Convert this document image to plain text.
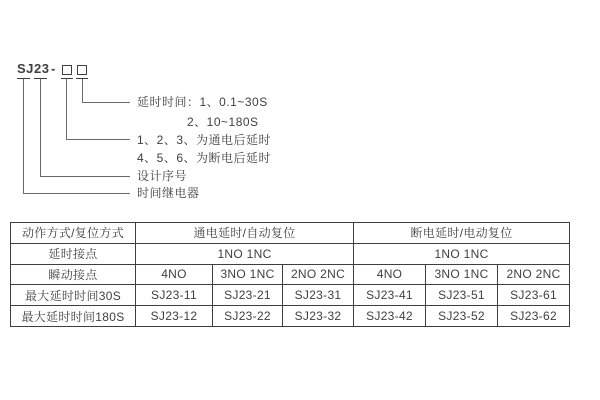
SJ 23 -
延时时间：1、0.1~30S
2、10~180S
1、2、3、为通电后延时
4、5、6、为断电后延时
设计序号
时间继电器
动作方式/复位方式	通电延时/自动复位			断电延时/电动复位		
延时接点	1NO 1NC			1NO 1NC		
瞬动接点	4NO	3NO 1NC	2NO 2NC	4NO	3NO 1NC	2NO 2NC
最大延时时间30S	SJ23-11	SJ23-21	SJ23-31	SJ23-41	SJ23-51	SJ23-61
最大延时时间180S	SJ23-12	SJ23-22	SJ23-32	SJ23-42	SJ23-52	SJ23-62
